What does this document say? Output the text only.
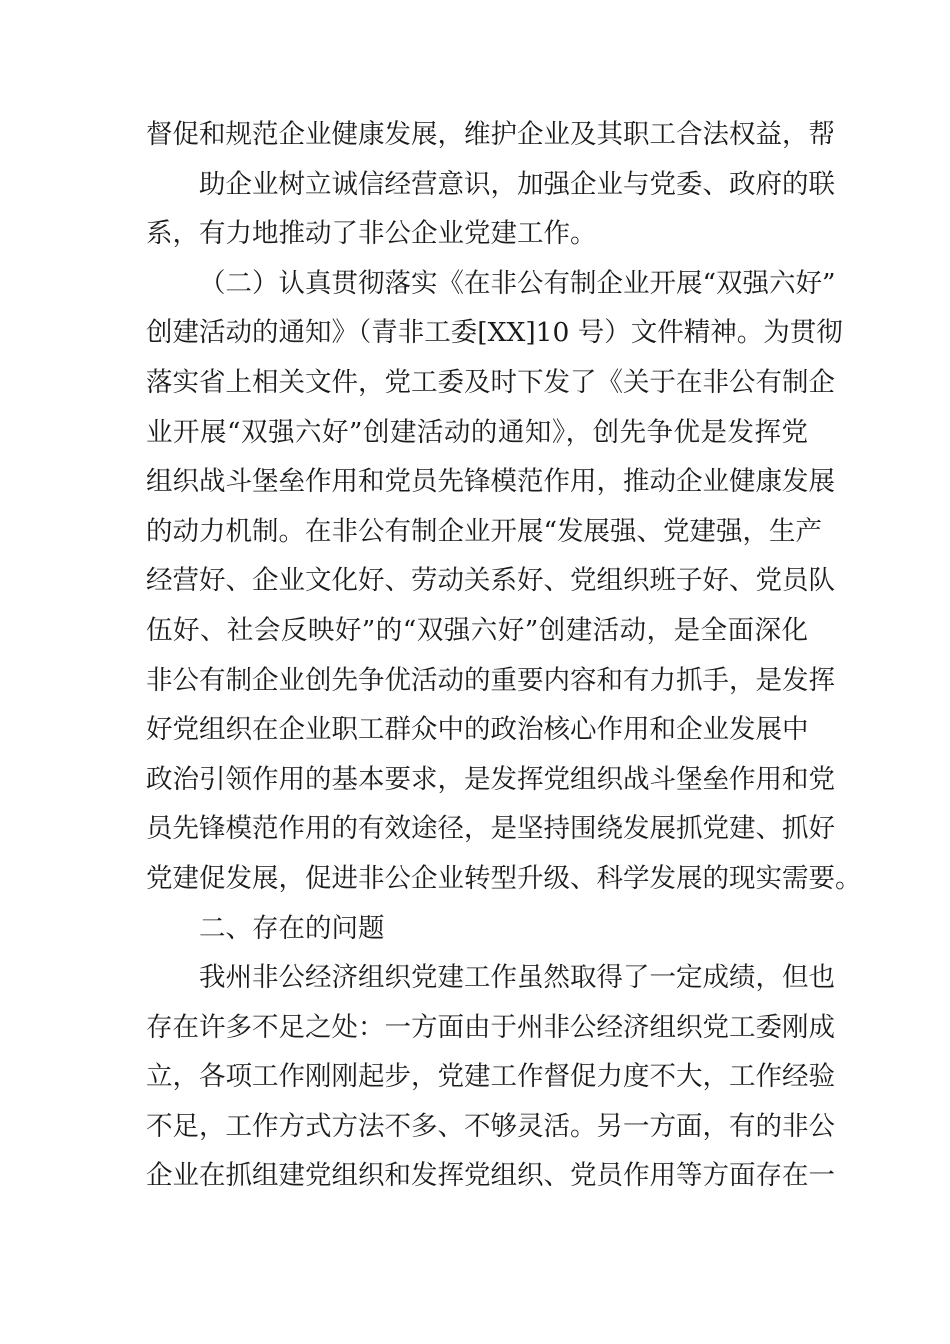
督促和规范企业健康发展，维护企业及其职工合法权益，帮
助企业树立诚信经营意识，加强企业与党委、政府的联
系，有力地推动了非公企业党建工作。
（二）认真贯彻落实《在非公有制企业开展“双强六好”
创建活动的通知》（青非工委[XX]10 号）文件精神。为贯彻
落实省上相关文件，党工委及时下发了《关于在非公有制企
业开展“双强六好”创建活动的通知》，创先争优是发挥党
组织战斗堡垒作用和党员先锋模范作用，推动企业健康发展
的动力机制。在非公有制企业开展“发展强、党建强，生产
经营好、企业文化好、劳动关系好、党组织班子好、党员队
伍好、社会反映好”的“双强六好”创建活动，是全面深化
非公有制企业创先争优活动的重要内容和有力抓手，是发挥
好党组织在企业职工群众中的政治核心作用和企业发展中
政治引领作用的基本要求，是发挥党组织战斗堡垒作用和党
员先锋模范作用的有效途径，是坚持围绕发展抓党建、抓好
党建促发展，促进非公企业转型升级、科学发展的现实需要。
二、存在的问题
我州非公经济组织党建工作虽然取得了一定成绩，但也
存在许多不足之处：一方面由于州非公经济组织党工委刚成
立，各项工作刚刚起步，党建工作督促力度不大，工作经验
不足，工作方式方法不多、不够灵活。另一方面，有的非公
企业在抓组建党组织和发挥党组织、党员作用等方面存在一
